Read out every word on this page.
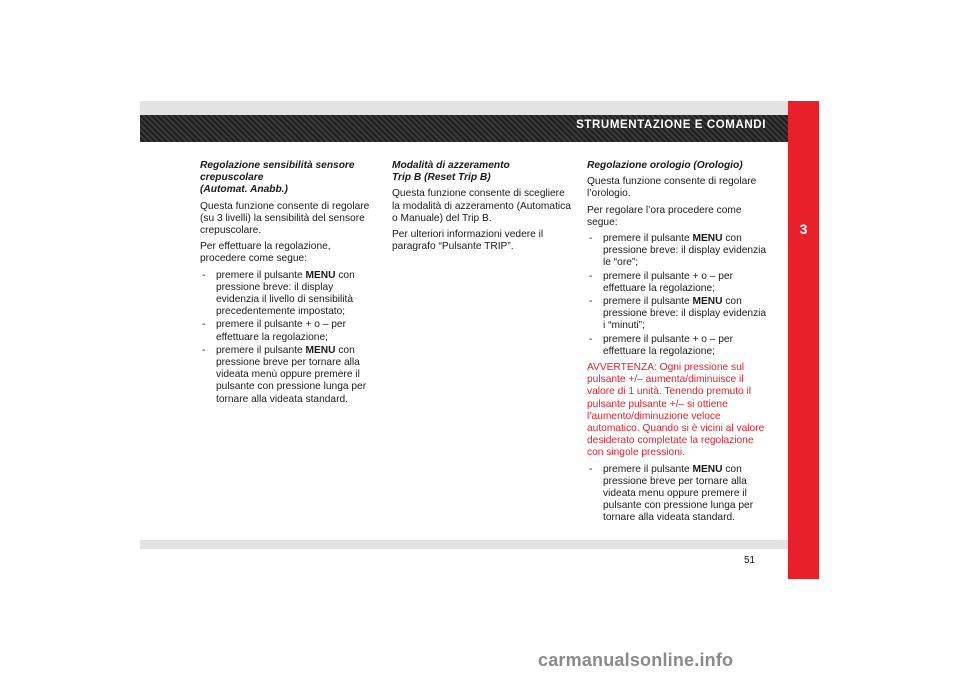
STRUMENTAZIONE E COMANDI
3
Regolazione sensibilità sensore crepuscolare
(Automat. Anabb.)

Questa funzione consente di regolare (su 3 livelli) la sensibilità del sensore crepuscolare.

Per effettuare la regolazione, procedere come segue:

- premere il pulsante MENU con pressione breve: il display evidenzia il livello di sensibilità precedentemente impostato;
- premere il pulsante + o – per effettuare la regolazione;
- premere il pulsante MENU con pressione breve per tornare alla videata menù oppure premere il pulsante con pressione lunga per tornare alla videata standard.
Modalità di azzeramento
Trip B (Reset Trip B)

Questa funzione consente di scegliere la modalità di azzeramento (Automatica o Manuale) del Trip B.

Per ulteriori informazioni vedere il paragrafo “Pulsante TRIP”.

Regolazione orologio (Orologio)

Questa funzione consente di regolare l’orologio.

Per regolare l’ora procedere come segue:

- premere il pulsante MENU con pressione breve: il display evidenzia le “ore”;
- premere il pulsante + o – per effettuare la regolazione;
- premere il pulsante MENU con pressione breve: il display evidenzia i “minuti”;
- premere il pulsante + o – per effettuare la regolazione;

AVVERTENZA: Ogni pressione sul pulsante +/– aumenta/diminuisce il valore di 1 unità. Tenendo premuto il pulsante pulsante +/– si ottiene l’aumento/diminuzione veloce automatico. Quando si è vicini al valore desiderato completate la regolazione con singole pressioni.

- premere il pulsante MENU con pressione breve per tornare alla videata menu oppure premere il pulsante con pressione lunga per tornare alla videata standard.
51
carmanualsonline.info
